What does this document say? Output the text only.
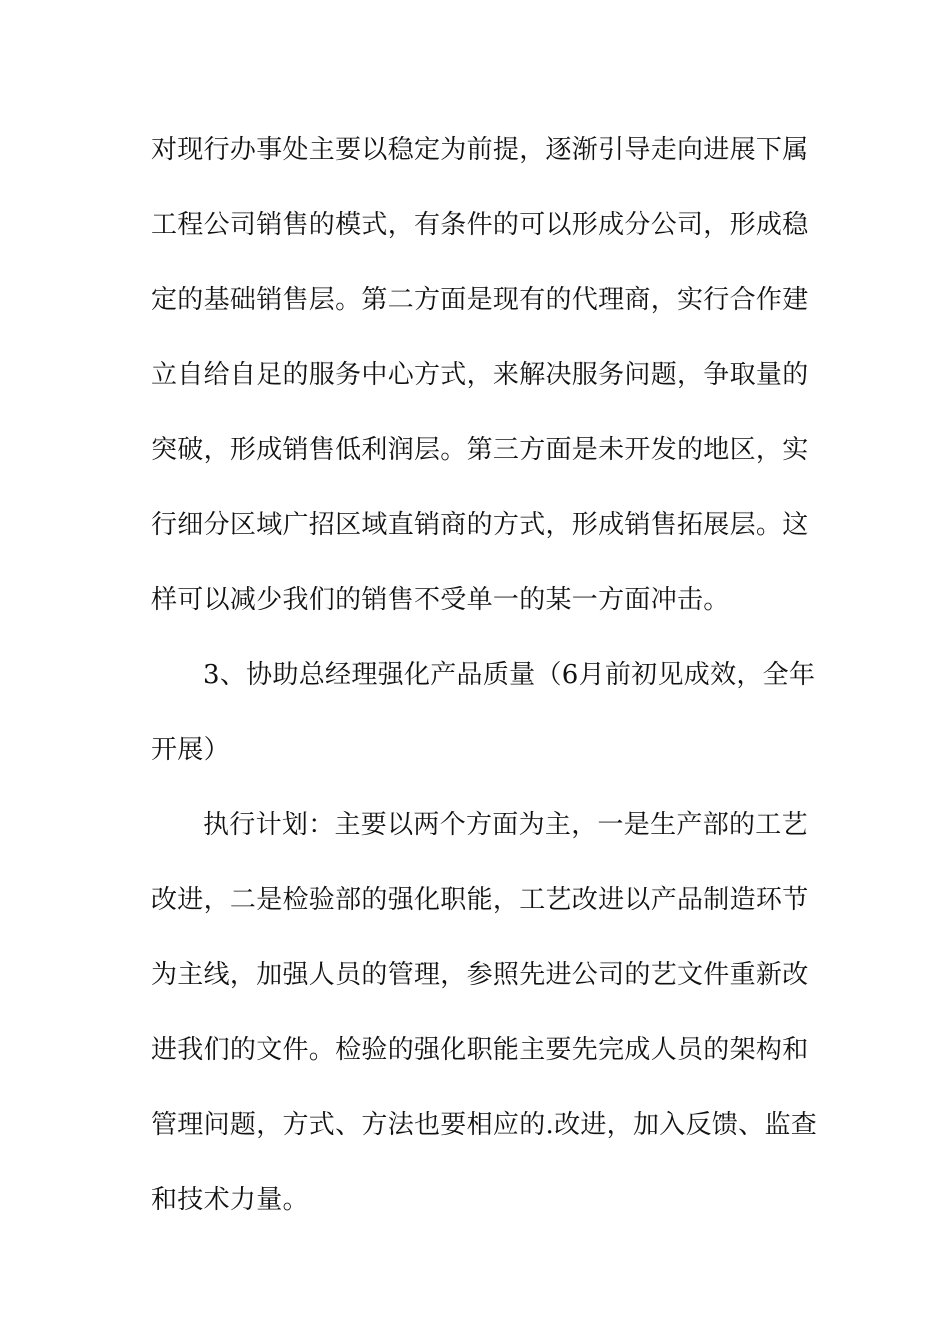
对现行办事处主要以稳定为前提，逐渐引导走向进展下属
工程公司销售的模式，有条件的可以形成分公司，形成稳
定的基础销售层。第二方面是现有的代理商，实行合作建
立自给自足的服务中心方式，来解决服务问题，争取量的
突破，形成销售低利润层。第三方面是未开发的地区，实
行细分区域广招区域直销商的方式，形成销售拓展层。这
样可以减少我们的销售不受单一的某一方面冲击。
3、协助总经理强化产品质量（6月前初见成效，全年
开展）
执行计划：主要以两个方面为主，一是生产部的工艺
改进，二是检验部的强化职能，工艺改进以产品制造环节
为主线，加强人员的管理，参照先进公司的艺文件重新改
进我们的文件。检验的强化职能主要先完成人员的架构和
管理问题，方式、方法也要相应的.改进，加入反馈、监查
和技术力量。
